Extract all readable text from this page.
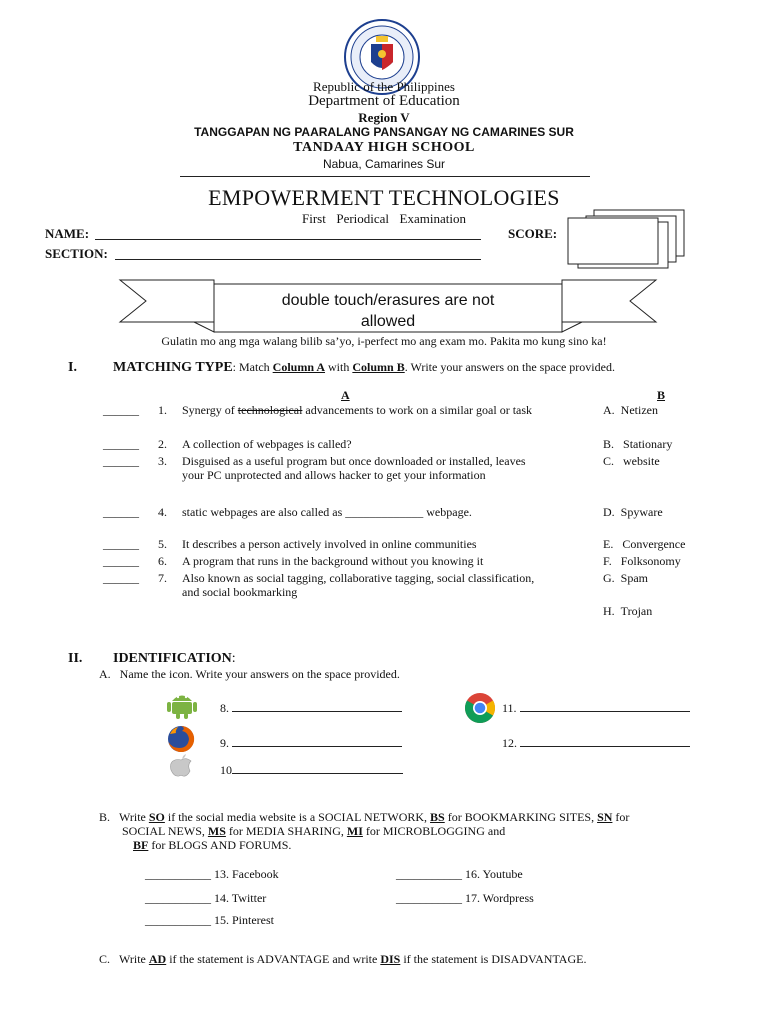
Republic of the Philippines
Department of Education
Region V
TANGGAPAN NG PAARALANG PANSANGAY NG CAMARINES SUR
TANDAAY HIGH SCHOOL
Nabua, Camarines Sur
EMPOWERMENT TECHNOLOGIES
First  Periodical  Examination
NAME:
SECTION:
SCORE:
double touch/erasures are not
allowed
Gulatin mo ang mga walang bilib sa’yo, i-perfect mo ang exam mo. Pakita mo kung sino ka!
I.	MATCHING TYPE: Match Column A with Column B. Write your answers on the space provided.
A	B
______ 1. Synergy of technological advancements to work on a similar goal or task
______ 2. A collection of webpages is called?
______ 3. Disguised as a useful program but once downloaded or installed, leaves
your PC unprotected and allows hacker to get your information
______ 4. static webpages are also called as _____________ webpage.
______ 5. It describes a person actively involved in online communities
______ 6. A program that runs in the background without you knowing it
______ 7. Also known as social tagging, collaborative tagging, social classification,
and social bookmarking
A. Netizen
B. Stationary
C. website
D. Spyware
E. Convergence
F. Folksonomy
G. Spam
H. Trojan
II. IDENTIFICATION:
A. Name the icon. Write your answers on the space provided.
8.
9.
10
11.
12.
B. Write SO if the social media website is a SOCIAL NETWORK, BS for BOOKMARKING SITES, SN for
SOCIAL NEWS, MS for MEDIA SHARING, MI for MICROBLOGGING and
BF for BLOGS AND FORUMS.
___________ 13. Facebook
___________ 14. Twitter
___________ 15. Pinterest
___________ 16. Youtube
___________ 17. Wordpress
C. Write AD if the statement is ADVANTAGE and write DIS if the statement is DISADVANTAGE.
